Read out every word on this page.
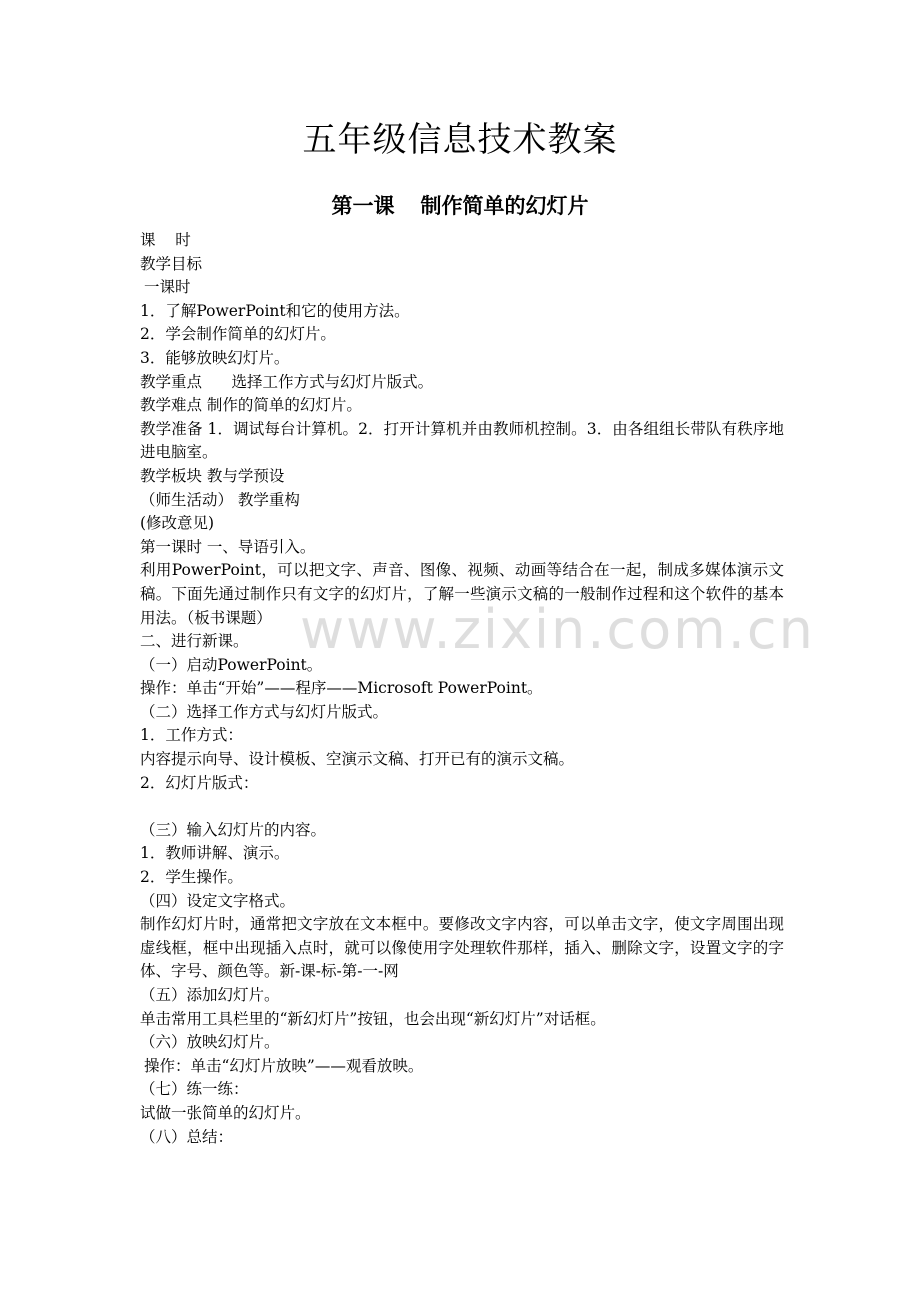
五年级信息技术教案
第一课 制作简单的幻灯片
www.zixin.com.cn
课    时
教学目标
一课时
1．了解PowerPoint和它的使用方法。
2．学会制作简单的幻灯片。
3．能够放映幻灯片。
教学重点      选择工作方式与幻灯片版式。
教学难点 制作的简单的幻灯片。
教学准备 1．调试每台计算机。2．打开计算机并由教师机控制。3．由各组组长带队有秩序地进电脑室。
教学板块 教与学预设
（师生活动） 教学重构
(修改意见)
第一课时 一、导语引入。
利用PowerPoint，可以把文字、声音、图像、视频、动画等结合在一起，制成多媒体演示文稿。下面先通过制作只有文字的幻灯片，了解一些演示文稿的一般制作过程和这个软件的基本用法。（板书课题）
二、进行新课。
（一）启动PowerPoint。
操作：单击“开始”——程序——Microsoft PowerPoint。
（二）选择工作方式与幻灯片版式。
1．工作方式：
内容提示向导、设计模板、空演示文稿、打开已有的演示文稿。
2．幻灯片版式：
（三）输入幻灯片的内容。
1．教师讲解、演示。
2．学生操作。
（四）设定文字格式。
制作幻灯片时，通常把文字放在文本框中。要修改文字内容，可以单击文字，使文字周围出现虚线框，框中出现插入点时，就可以像使用字处理软件那样，插入、删除文字，设置文字的字体、字号、颜色等。新-课-标-第-一-网
（五）添加幻灯片。
单击常用工具栏里的“新幻灯片”按钮，也会出现“新幻灯片”对话框。
（六）放映幻灯片。
操作：单击“幻灯片放映”——观看放映。
（七）练一练：
试做一张简单的幻灯片。
（八）总结：
